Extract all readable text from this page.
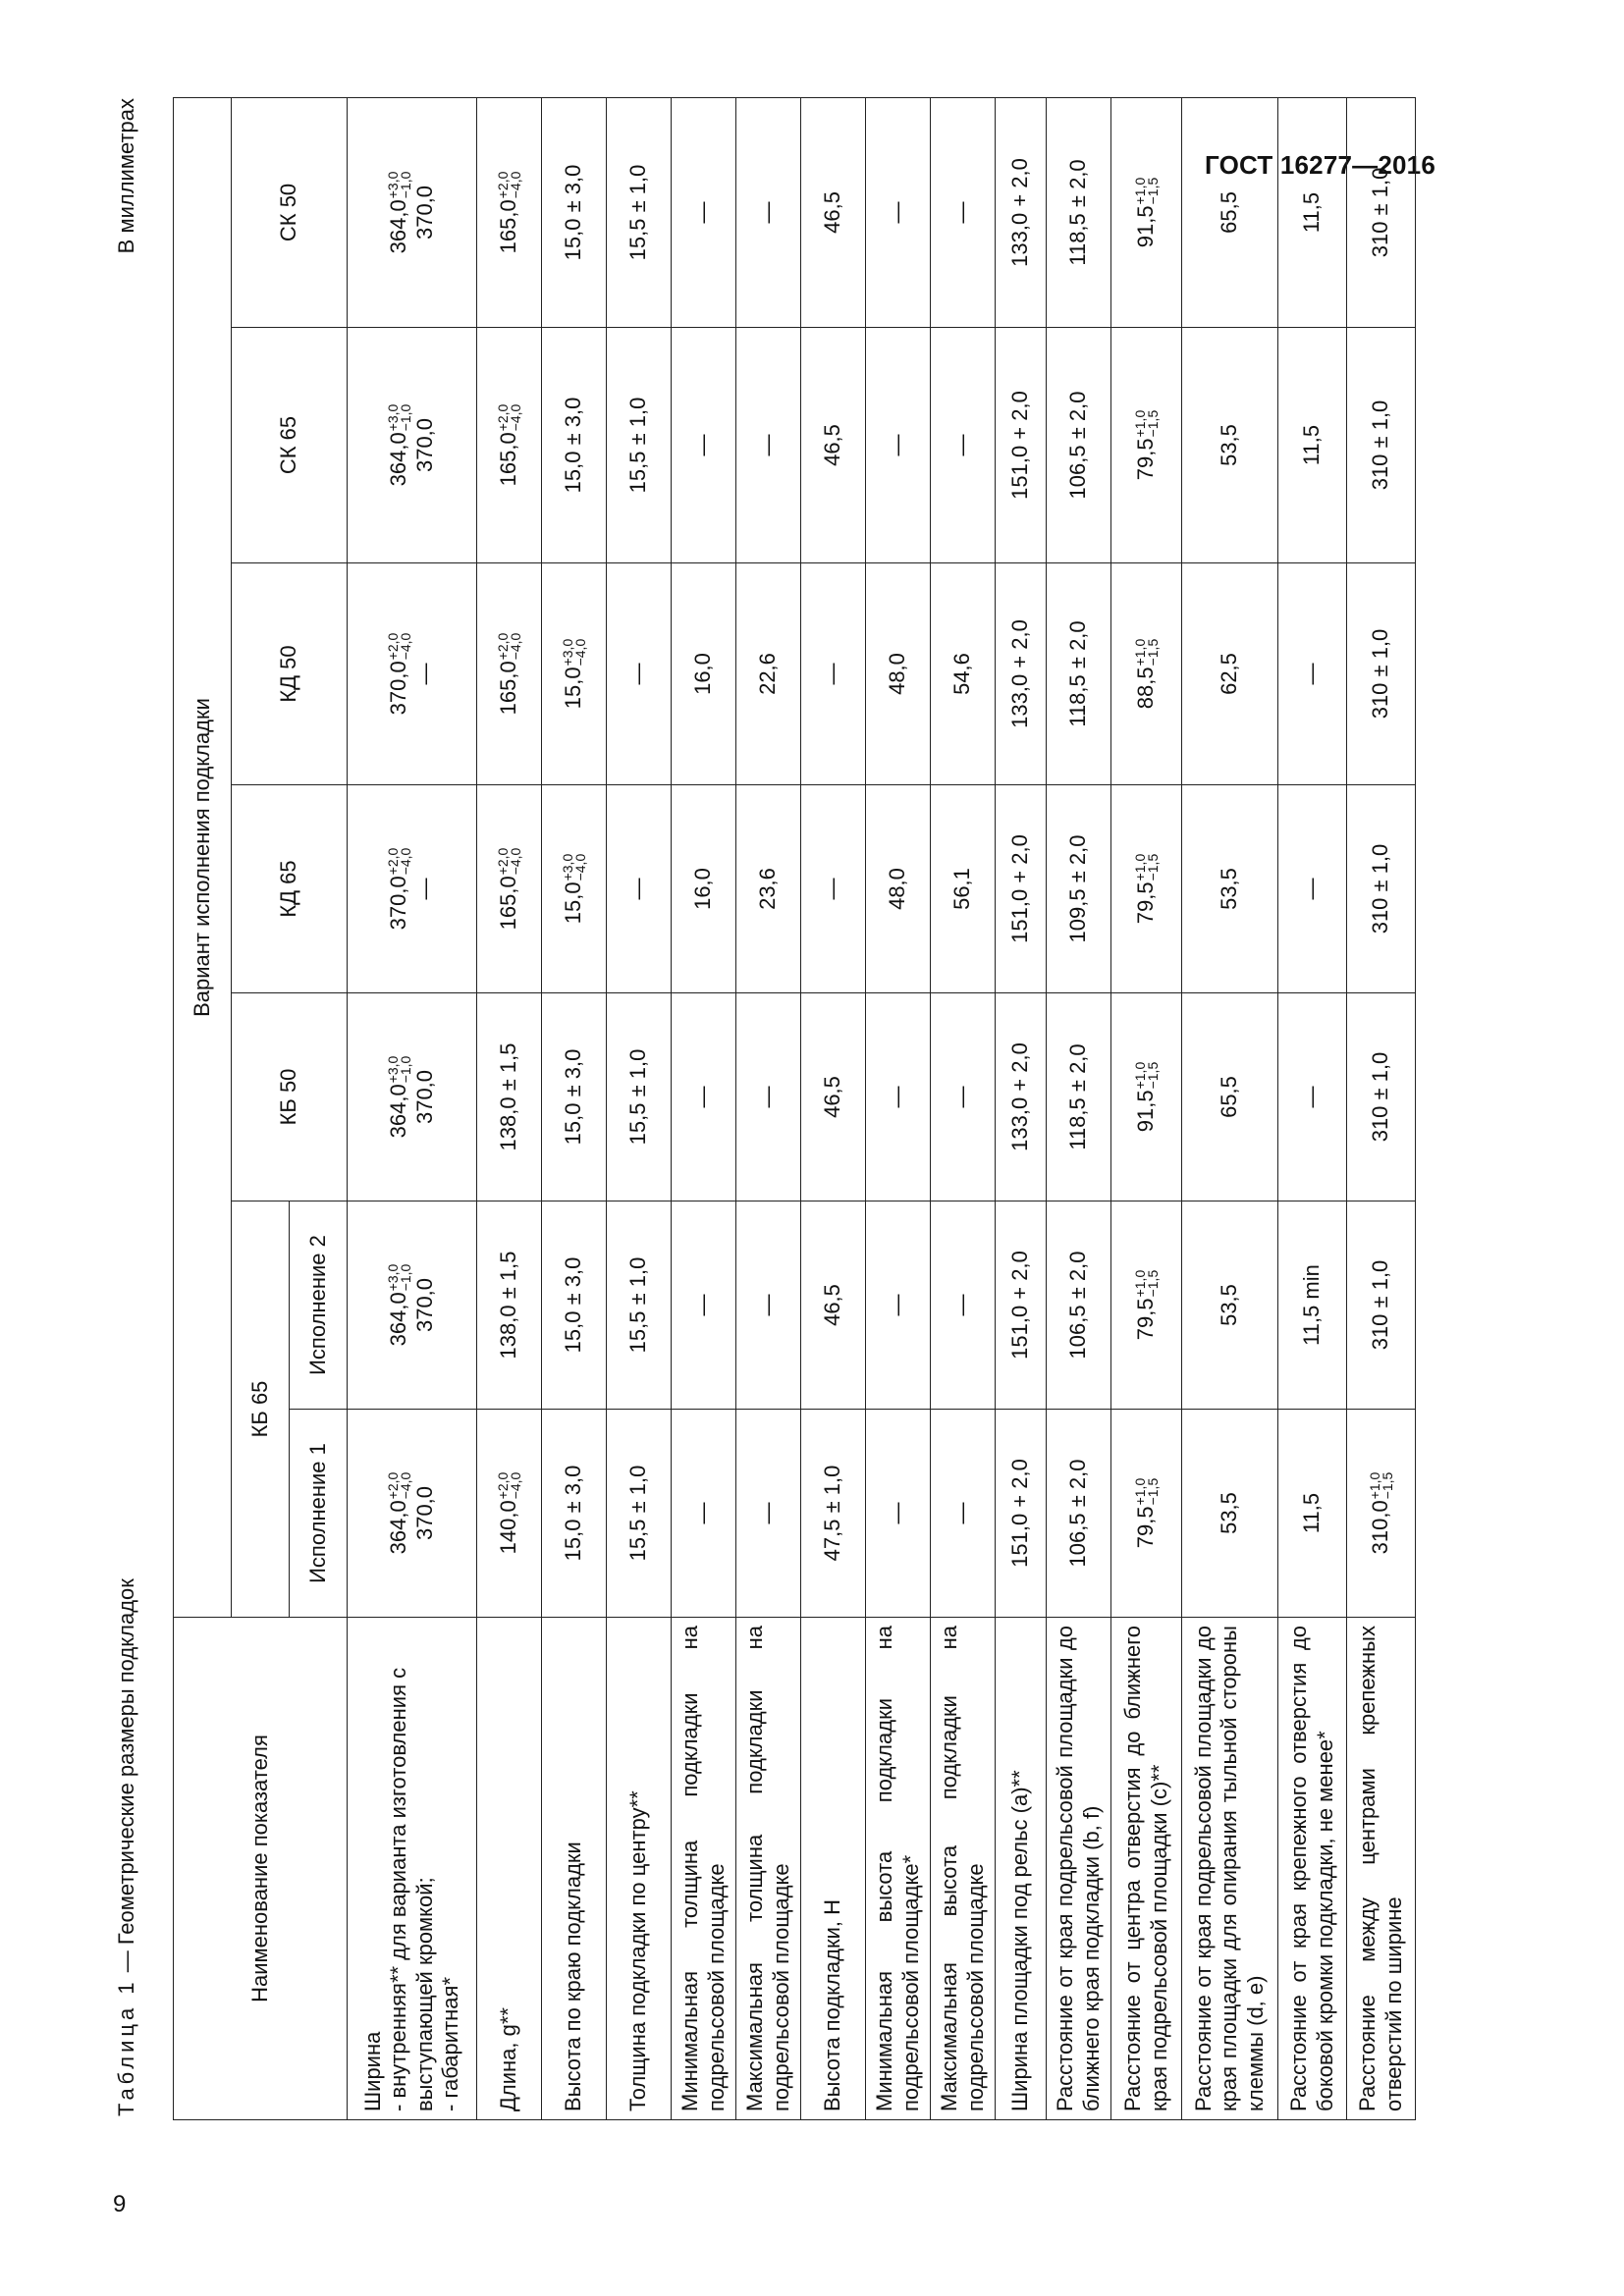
ГОСТ 16277—2016
Таблица 1 — Геометрические размеры подкладок
В миллиметрах
Наименование показателя	Вариант исполнения подкладки						
	КБ 65		КБ 50	КД 65	КД 50	СК 65	СК 50
	Исполнение 1	Исполнение 2					
Ширина
- внутренняя** для варианта изготовления с выступающей кромкой;
- габаритная*	364,0
+2,0
−4,0

370,0	364,0
+3,0
−1,0

370,0	364,0
+3,0
−1,0

370,0	370,0
+2,0
−4,0

—	370,0
+2,0
−4,0

—	364,0
+3,0
−1,0

370,0	364,0
+3,0
−1,0

370,0
Длина, g**	140,0
+2,0
−4,0	138,0 ± 1,5	138,0 ± 1,5	165,0
+2,0
−4,0	165,0
+2,0
−4,0	165,0
+2,0
−4,0	165,0
+2,0
−4,0

Высота по краю подкладки	15,0 ± 3,0	15,0 ± 3,0	15,0 ± 3,0	15,0
+3,0
−4,0	15,0
+3,0
−4,0	15,0 ± 3,0	15,0 ± 3,0
Толщина подкладки по центру**	15,5 ± 1,0	15,5 ± 1,0	15,5 ± 1,0	—	—	15,5 ± 1,0	15,5 ± 1,0
Минимальная толщина подкладки на подрельсовой площадке	—	—	—	16,0	16,0	—	—
Максимальная толщина подкладки на подрельсовой площадке	—	—	—	23,6	22,6	—	—
Высота подкладки, H	47,5 ± 1,0	46,5	46,5	—	—	46,5	46,5
Минимальная высота подкладки на подрельсовой площадке*	—	—	—	48,0	48,0	—	—
Максимальная высота подкладки на подрельсовой площадке	—	—	—	56,1	54,6	—	—
Ширина площадки под рельс (a)**	151,0 + 2,0	151,0 + 2,0	133,0 + 2,0	151,0 + 2,0	133,0 + 2,0	151,0 + 2,0	133,0 + 2,0
Расстояние от края подрельсовой площадки до ближнего края подкладки (b, f)	106,5 ± 2,0	106,5 ± 2,0	118,5 ± 2,0	109,5 ± 2,0	118,5 ± 2,0	106,5 ± 2,0	118,5 ± 2,0
Расстояние от центра отверстия до ближнего края подрельсовой площадки (c)**	79,5
+1,0
−1,5	79,5
+1,0
−1,5	91,5
+1,0
−1,5	79,5
+1,0
−1,5	88,5
+1,0
−1,5	79,5
+1,0
−1,5	91,5
+1,0
−1,5

Расстояние от края подрельсовой площадки до края площадки для опирания тыльной стороны клеммы (d, e)	53,5	53,5	65,5	53,5	62,5	53,5	65,5
Расстояние от края крепежного отверстия до боковой кромки подкладки, не менее*	11,5	11,5 min	—	—	—	11,5	11,5
Расстояние между центрами крепежных отверстий по ширине	310,0
+1,0
−1,5	310 ± 1,0	310 ± 1,0	310 ± 1,0	310 ± 1,0	310 ± 1,0	310 ± 1,0
9
